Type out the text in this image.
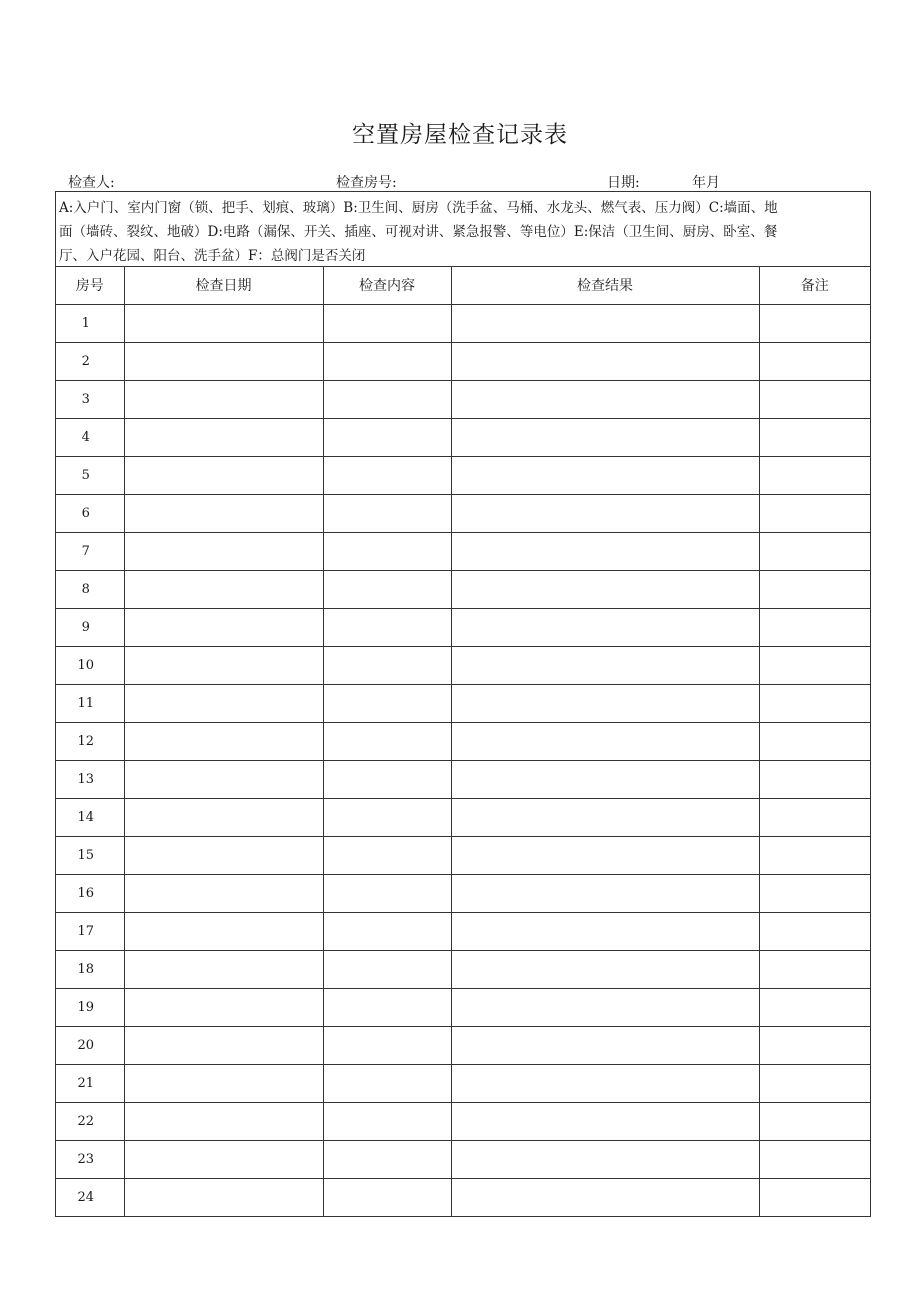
空置房屋检查记录表
检查人:	检查房号:	日期:	年月
A:入户门、室内门窗（锁、把手、划痕、玻璃）B:卫生间、厨房（洗手盆、马桶、水龙头、燃气表、压力阀）C:墙面、地
面（墙砖、裂纹、地破）D:电路（漏保、开关、插座、可视对讲、紧急报警、等电位）E:保洁（卫生间、厨房、卧室、餐
厅、入户花园、阳台、洗手盆）F：总阀门是否关闭
房号	检查日期	检查内容	检查结果	备注
1				
2				
3				
4				
5				
6				
7				
8				
9				
10				
11				
12				
13				
14				
15				
16				
17				
18				
19				
20				
21				
22				
23				
24				
